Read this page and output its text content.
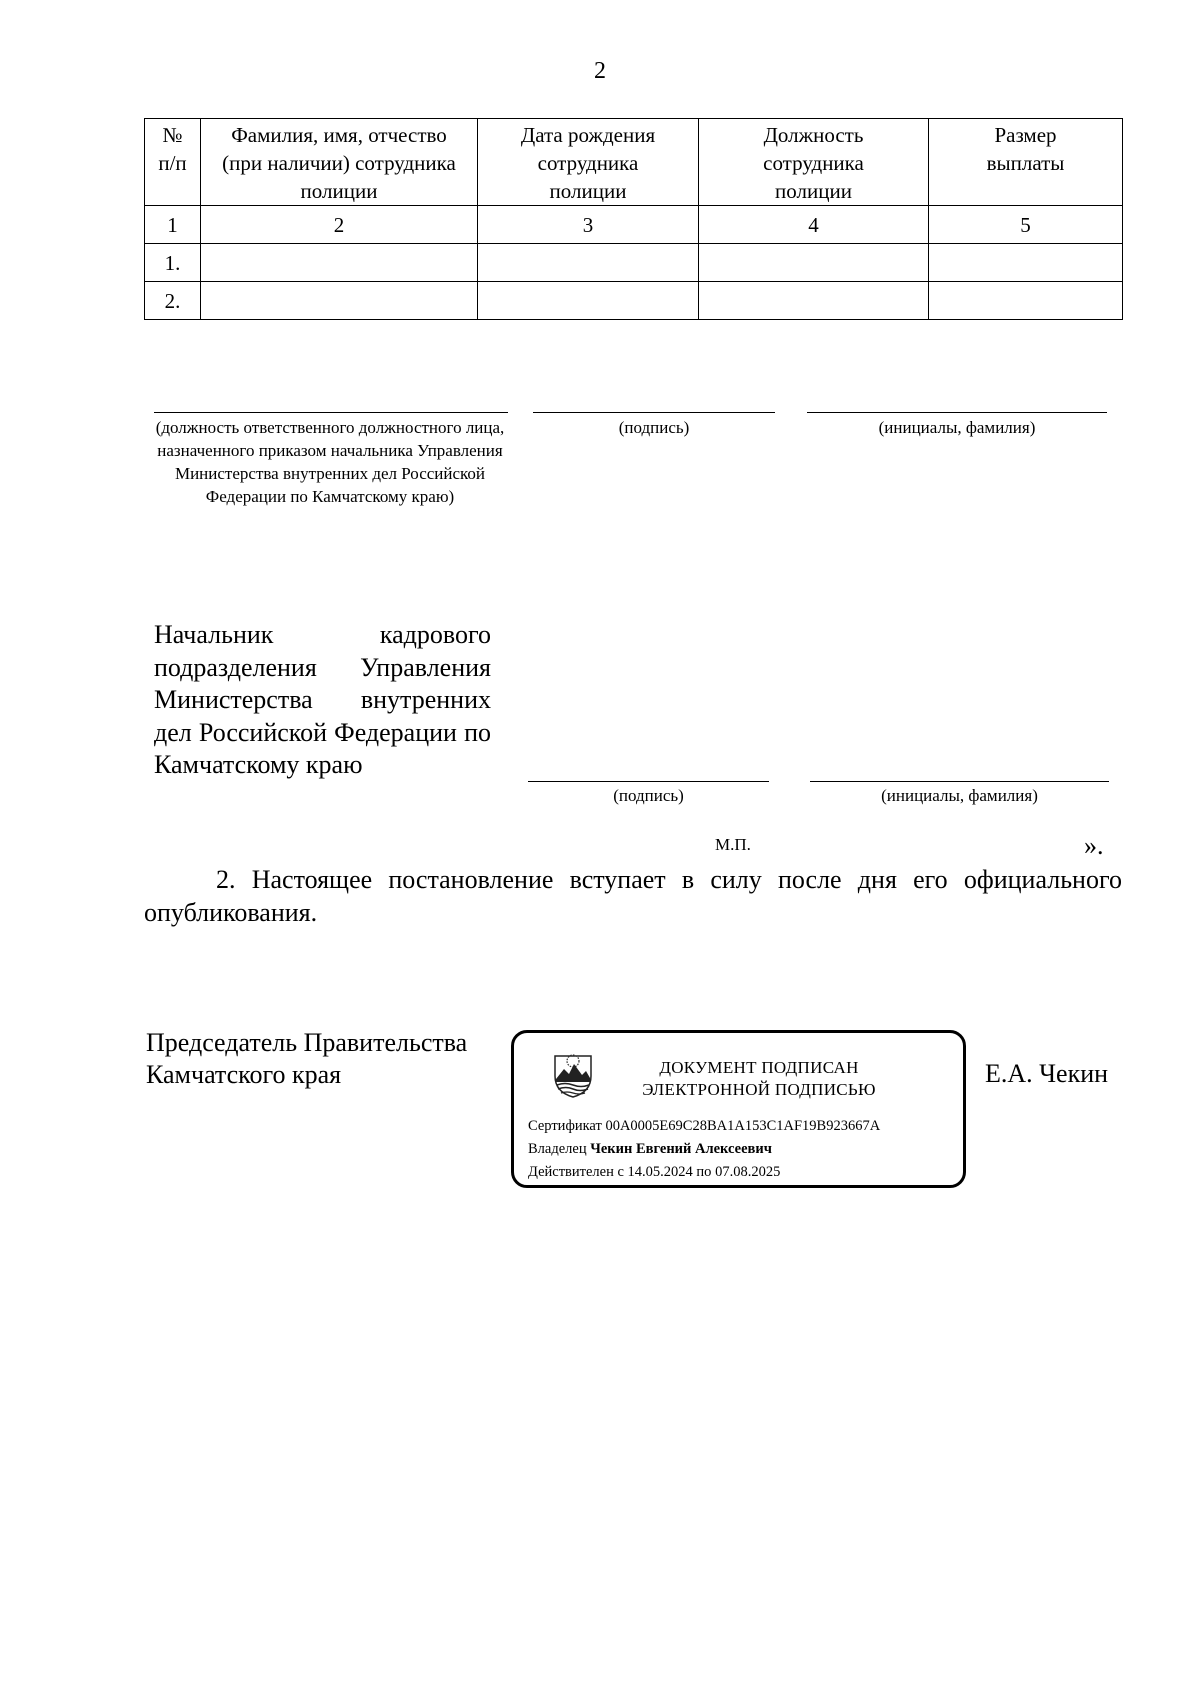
2
№ п/п	Фамилия, имя, отчество (при наличии) сотрудника полиции	Дата рождения сотрудника полиции	Должность сотрудника полиции	Размер выплаты
1	2	3	4	5
1.				
2.				
(должность ответственного должностного лица, назначенного приказом начальника Управления Министерства внутренних дел Российской Федерации по Камчатскому краю)
(подпись)	(инициалы, фамилия)
Начальник кадрового подразделения Управления Министерства внутренних дел Российской Федерации по Камчатскому краю
(подпись)	(инициалы, фамилия)
М.П.	».
2. Настоящее постановление вступает в силу после дня его официального опубликования.
Председатель Правительства
Камчатского края	Е.А. Чекин
ДОКУМЕНТ ПОДПИСАН
ЭЛЕКТРОННОЙ ПОДПИСЬЮ
Сертификат 00A0005E69C28BA1A153C1AF19B923667A
Владелец Чекин Евгений Алексеевич
Действителен с 14.05.2024 по 07.08.2025
